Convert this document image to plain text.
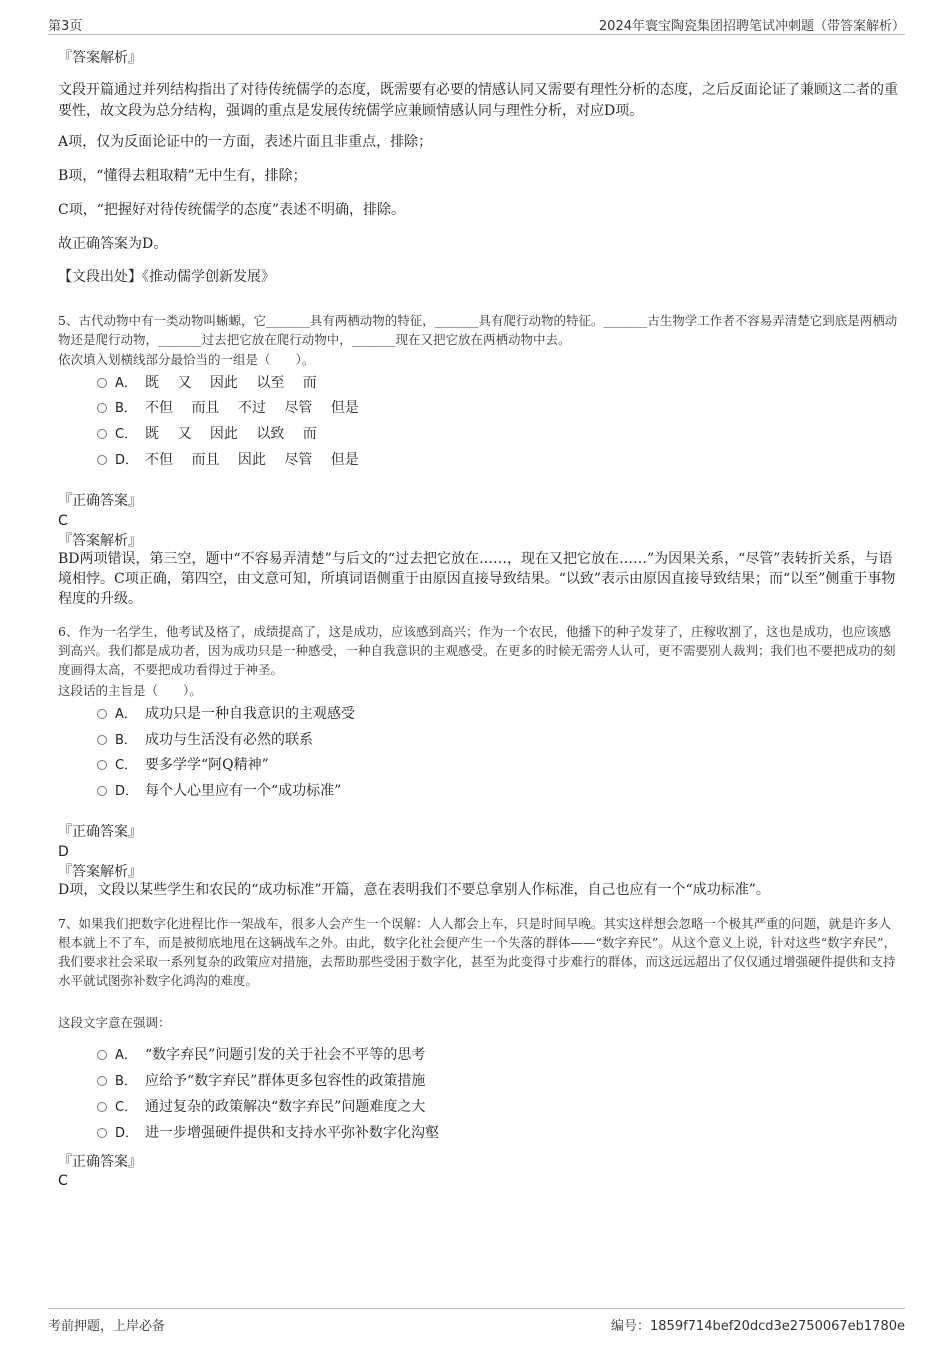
第3页	2024年寰宝陶瓷集团招聘笔试冲刺题（带答案解析）
『答案解析』
文段开篇通过并列结构指出了对待传统儒学的态度，既需要有必要的情感认同又需要有理性分析的态度，之后反面论证了兼顾这二者的重要性，故文段为总分结构，强调的重点是发展传统儒学应兼顾情感认同与理性分析，对应D项。
A项，仅为反面论证中的一方面，表述片面且非重点，排除；
B项，“懂得去粗取精”无中生有，排除；
C项，“把握好对待传统儒学的态度”表述不明确，排除。
故正确答案为D。
【文段出处】《推动儒学创新发展》
5、古代动物中有一类动物叫蜥螈，它_______具有两栖动物的特征，_______具有爬行动物的特征。_______古生物学工作者不容易弄清楚它到底是两栖动物还是爬行动物，_______过去把它放在爬行动物中，_______现在又把它放在两栖动物中去。
依次填入划横线部分最恰当的一组是（　　）。
A． 既　 又　 因此　 以至　 而
B． 不但　 而且　 不过　 尽管　 但是
C． 既　 又　 因此　 以致　 而
D． 不但　 而且　 因此　 尽管　 但是
『正确答案』
C
『答案解析』
BD两项错误，第三空，题中“不容易弄清楚”与后文的“过去把它放在……，现在又把它放在……”为因果关系，“尽管”表转折关系，与语境相悖。C项正确，第四空，由文意可知，所填词语侧重于由原因直接导致结果。“以致”表示由原因直接导致结果；而“以至”侧重于事物程度的升级。
6、作为一名学生，他考试及格了，成绩提高了，这是成功，应该感到高兴；作为一个农民，他播下的种子发芽了，庄稼收割了，这也是成功，也应该感到高兴。我们都是成功者，因为成功只是一种感受，一种自我意识的主观感受。在更多的时候无需旁人认可，更不需要别人裁判；我们也不要把成功的刻度画得太高，不要把成功看得过于神圣。
这段话的主旨是（　　）。
A． 成功只是一种自我意识的主观感受
B． 成功与生活没有必然的联系
C． 要多学学“阿Q精神”
D． 每个人心里应有一个“成功标准”
『正确答案』
D
『答案解析』
D项，文段以某些学生和农民的“成功标准”开篇，意在表明我们不要总拿别人作标准，自己也应有一个“成功标准”。
7、如果我们把数字化进程比作一架战车，很多人会产生一个误解：人人都会上车，只是时间早晚。其实这样想会忽略一个极其严重的问题，就是许多人根本就上不了车，而是被彻底地甩在这辆战车之外。由此，数字化社会便产生一个失落的群体——“数字弃民”。从这个意义上说，针对这些“数字弃民”，我们要求社会采取一系列复杂的政策应对措施，去帮助那些受困于数字化，甚至为此变得寸步难行的群体，而这远远超出了仅仅通过增强硬件提供和支持水平就试图弥补数字化鸿沟的难度。
这段文字意在强调：
A． “数字弃民”问题引发的关于社会不平等的思考
B． 应给予“数字弃民”群体更多包容性的政策措施
C． 通过复杂的政策解决“数字弃民”问题难度之大
D． 进一步增强硬件提供和支持水平弥补数字化沟壑
『正确答案』
C
考前押题，上岸必备	编号：1859f714bef20dcd3e2750067eb1780e
